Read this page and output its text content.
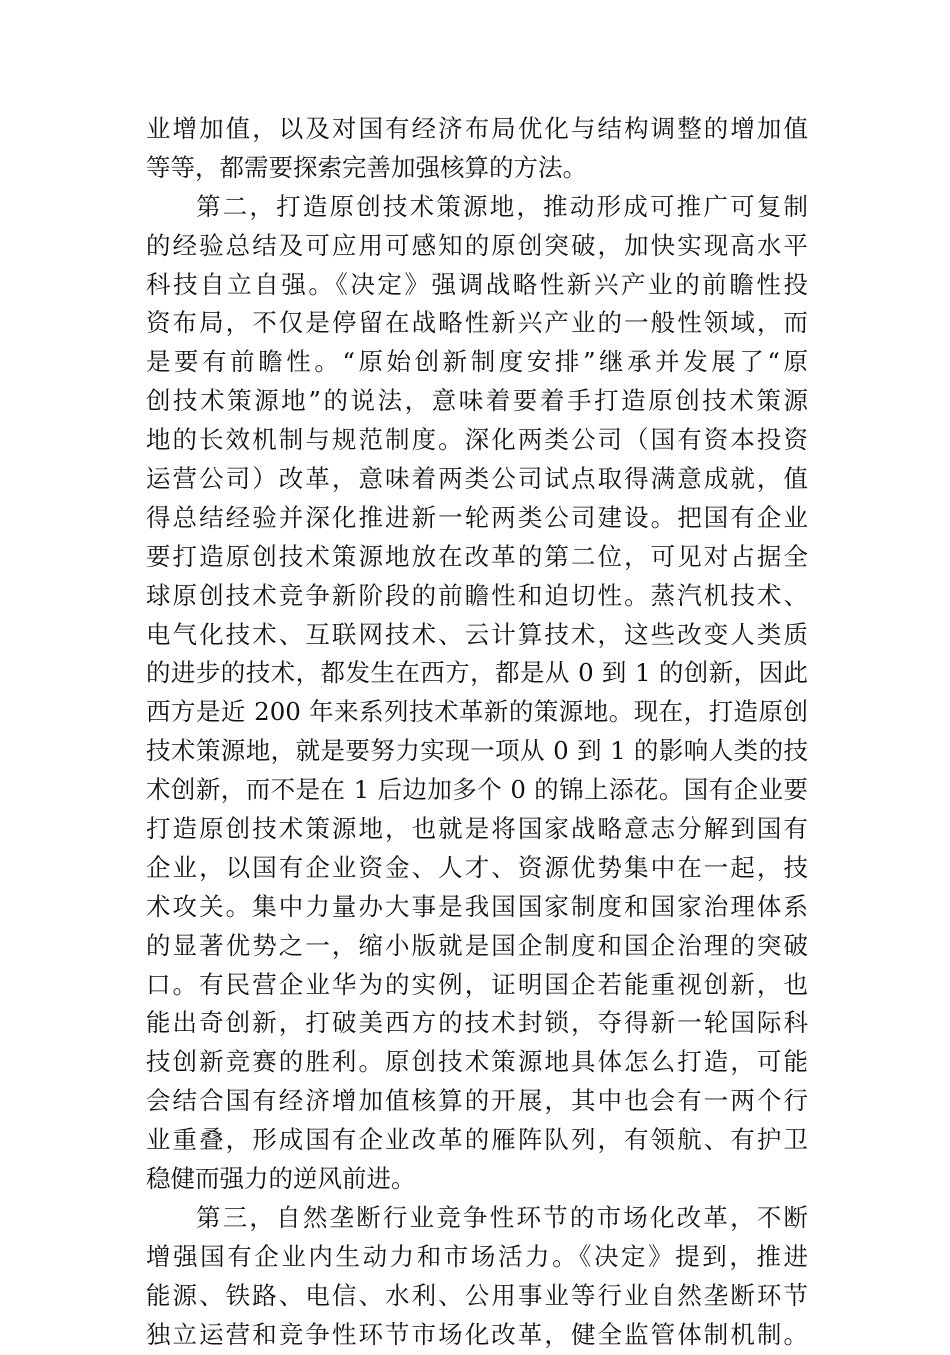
业增加值，以及对国有经济布局优化与结构调整的增加值
等等，都需要探索完善加强核算的方法。
第二，打造原创技术策源地，推动形成可推广可复制
的经验总结及可应用可感知的原创突破，加快实现高水平
科技自立自强。《决定》强调战略性新兴产业的前瞻性投
资布局，不仅是停留在战略性新兴产业的一般性领域，而
是要有前瞻性。“原始创新制度安排”继承并发展了“原
创技术策源地”的说法，意味着要着手打造原创技术策源
地的长效机制与规范制度。深化两类公司（国有资本投资
运营公司）改革，意味着两类公司试点取得满意成就，值
得总结经验并深化推进新一轮两类公司建设。把国有企业
要打造原创技术策源地放在改革的第二位，可见对占据全
球原创技术竞争新阶段的前瞻性和迫切性。蒸汽机技术、
电气化技术、互联网技术、云计算技术，这些改变人类质
的进步的技术，都发生在西方，都是从 0 到 1 的创新，因此
西方是近 200 年来系列技术革新的策源地。现在，打造原创
技术策源地，就是要努力实现一项从 0 到 1 的影响人类的技
术创新，而不是在 1 后边加多个 0 的锦上添花。国有企业要
打造原创技术策源地，也就是将国家战略意志分解到国有
企业，以国有企业资金、人才、资源优势集中在一起，技
术攻关。集中力量办大事是我国国家制度和国家治理体系
的显著优势之一，缩小版就是国企制度和国企治理的突破
口。有民营企业华为的实例，证明国企若能重视创新，也
能出奇创新，打破美西方的技术封锁，夺得新一轮国际科
技创新竞赛的胜利。原创技术策源地具体怎么打造，可能
会结合国有经济增加值核算的开展，其中也会有一两个行
业重叠，形成国有企业改革的雁阵队列，有领航、有护卫
稳健而强力的逆风前进。
第三，自然垄断行业竞争性环节的市场化改革，不断
增强国有企业内生动力和市场活力。《决定》提到，推进
能源、铁路、电信、水利、公用事业等行业自然垄断环节
独立运营和竞争性环节市场化改革，健全监管体制机制。
